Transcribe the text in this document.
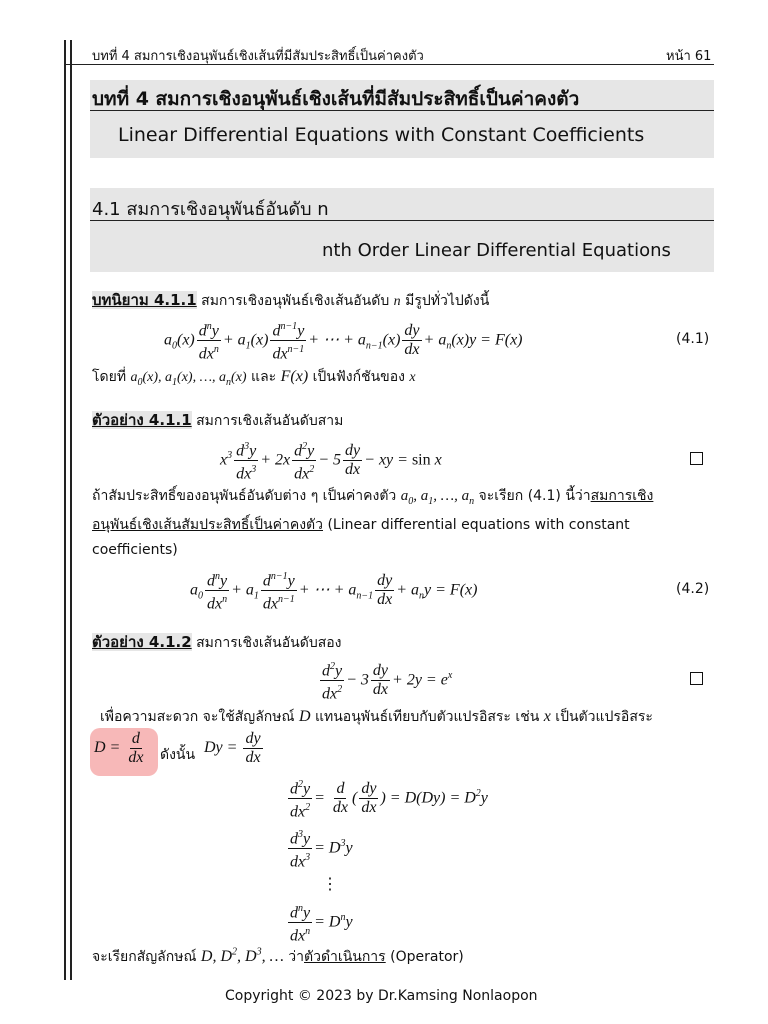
บทที่ 4 สมการเชิงอนุพันธ์เชิงเส้นที่มีสัมประสิทธิ์เป็นค่าคงตัว	หน้า 61
บทที่ 4 สมการเชิงอนุพันธ์เชิงเส้นที่มีสัมประสิทธิ์เป็นค่าคงตัว
Linear Differential Equations with Constant Coefficients
4.1 สมการเชิงอนุพันธ์อันดับ n
nth Order Linear Differential Equations
บทนิยาม 4.1.1 สมการเชิงอนุพันธ์เชิงเส้นอันดับ n มีรูปทั่วไปดังนี้
$a_0(x) \frac{d^ny}{dx^n} + a_1(x) \frac{d^{n-1}y}{dx^{n-1}}$ + ⋯ + $a_{n-1}(x) \frac{dy}{dx} + a_n(x)y = F(x)$	(4.1)
โดยที่ $a_0(x)$, $a_1(x)$, …, $a_n(x)$ และ F(x) เป็นฟังก์ชันของ x
ตัวอย่าง 4.1.1 สมการเชิงเส้นอันดับสาม
$x^3 \frac{d^3y}{dx^3} + 2x \frac{d^2y}{dx^2} - 5 \frac{dy}{dx}$ − xy = sin x
ถ้าสัมประสิทธิ์ของอนุพันธ์อันดับต่าง ๆ เป็นค่าคงตัว $a_0$, $a_1$, …, $a_n$ จะเรียก (4.1) นี้ว่าสมการเชิง
อนุพันธ์เชิงเส้นสัมประสิทธิ์เป็นค่าคงตัว (Linear differential equations with constant
coefficients)
$a_0 \frac{d^ny}{dx^n} + a_1 \frac{d^{n-1}y}{dx^{n-1}}$ + ⋯ + $a_{n-1} \frac{dy}{dx} + a_ny = F(x)$	(4.2)
ตัวอย่าง 4.1.2 สมการเชิงเส้นอันดับสอง
$\frac{d^2y}{dx^2} - 3 \frac{dy}{dx} + 2y = e^x$
เพื่อความสะดวก จะใช้สัญลักษณ์ D แทนอนุพันธ์เทียบกับตัวแปรอิสระ เช่น x เป็นตัวแปรอิสระ
$D = \frac{d}{dx}$ ดังนั้น $Dy = \frac{dy}{dx}$
$\frac{d^2y}{dx^2} = \frac{d}{dx}$ ( $\frac{dy}{dx}$ ) = $D(Dy) = D^2y$
$\frac{d^3y}{dx^3} = D^3y$
⋮
$\frac{d^ny}{dx^n} = D^ny$
จะเรียกสัญลักษณ์ D, $D^2$, $D^3$, … ว่าตัวดำเนินการ (Operator)
Copyright © 2023 by Dr.Kamsing Nonlaopon
